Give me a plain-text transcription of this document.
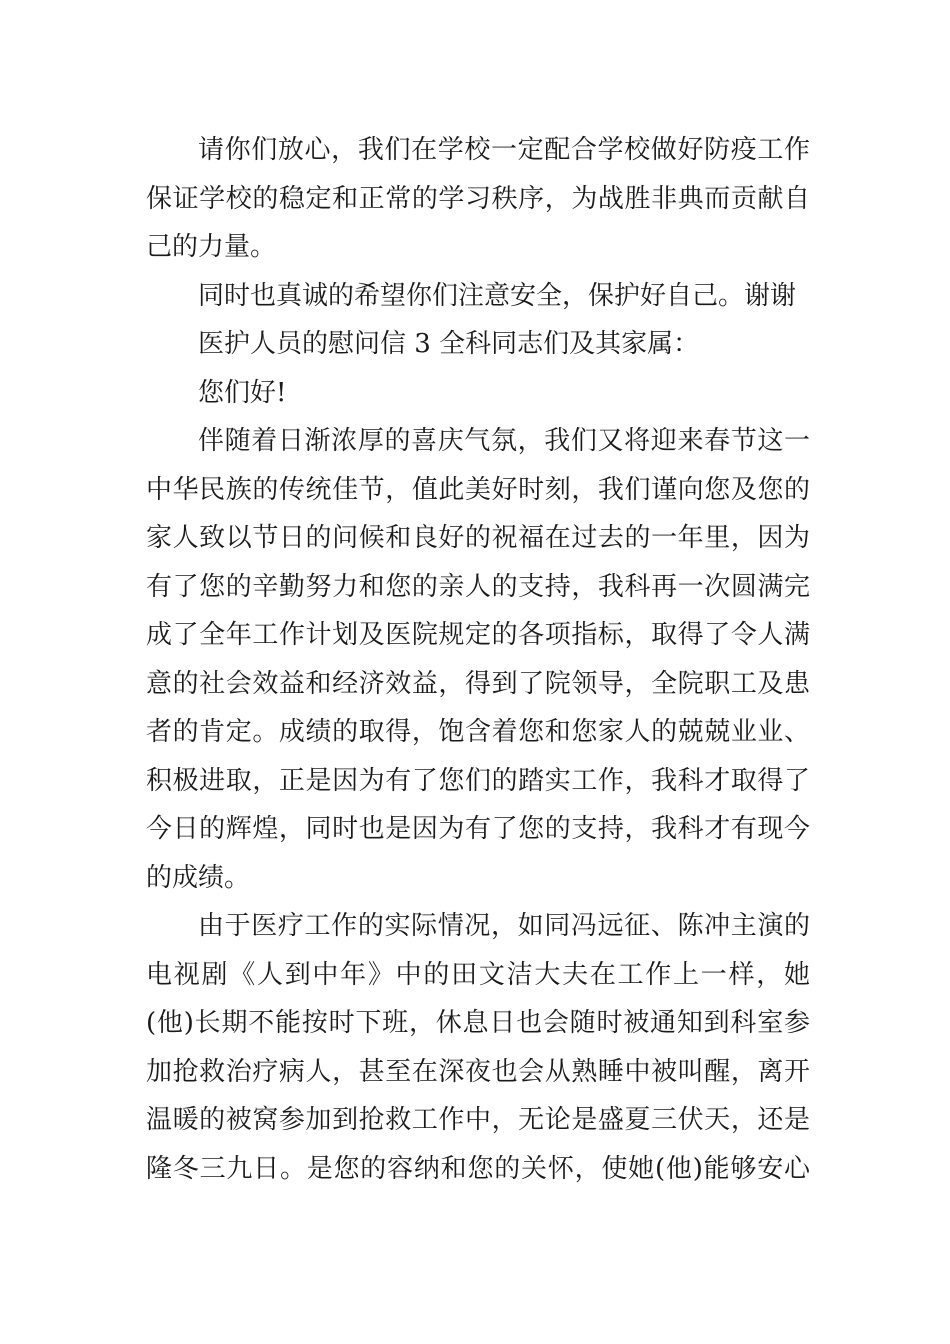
请你们放心，我们在学校一定配合学校做好防疫工作
保证学校的稳定和正常的学习秩序，为战胜非典而贡献自
己的力量。
同时也真诚的希望你们注意安全，保护好自己。谢谢
医护人员的慰问信 3 全科同志们及其家属：
您们好!
伴随着日渐浓厚的喜庆气氛，我们又将迎来春节这一
中华民族的传统佳节，值此美好时刻，我们谨向您及您的
家人致以节日的问候和良好的祝福在过去的一年里，因为
有了您的辛勤努力和您的亲人的支持，我科再一次圆满完
成了全年工作计划及医院规定的各项指标，取得了令人满
意的社会效益和经济效益，得到了院领导，全院职工及患
者的肯定。成绩的取得，饱含着您和您家人的兢兢业业、
积极进取，正是因为有了您们的踏实工作，我科才取得了
今日的辉煌，同时也是因为有了您的支持，我科才有现今
的成绩。
由于医疗工作的实际情况，如同冯远征、陈冲主演的
电视剧《人到中年》中的田文洁大夫在工作上一样，她
(他)长期不能按时下班，休息日也会随时被通知到科室参
加抢救治疗病人，甚至在深夜也会从熟睡中被叫醒，离开
温暖的被窝参加到抢救工作中，无论是盛夏三伏天，还是
隆冬三九日。是您的容纳和您的关怀，使她(他)能够安心
